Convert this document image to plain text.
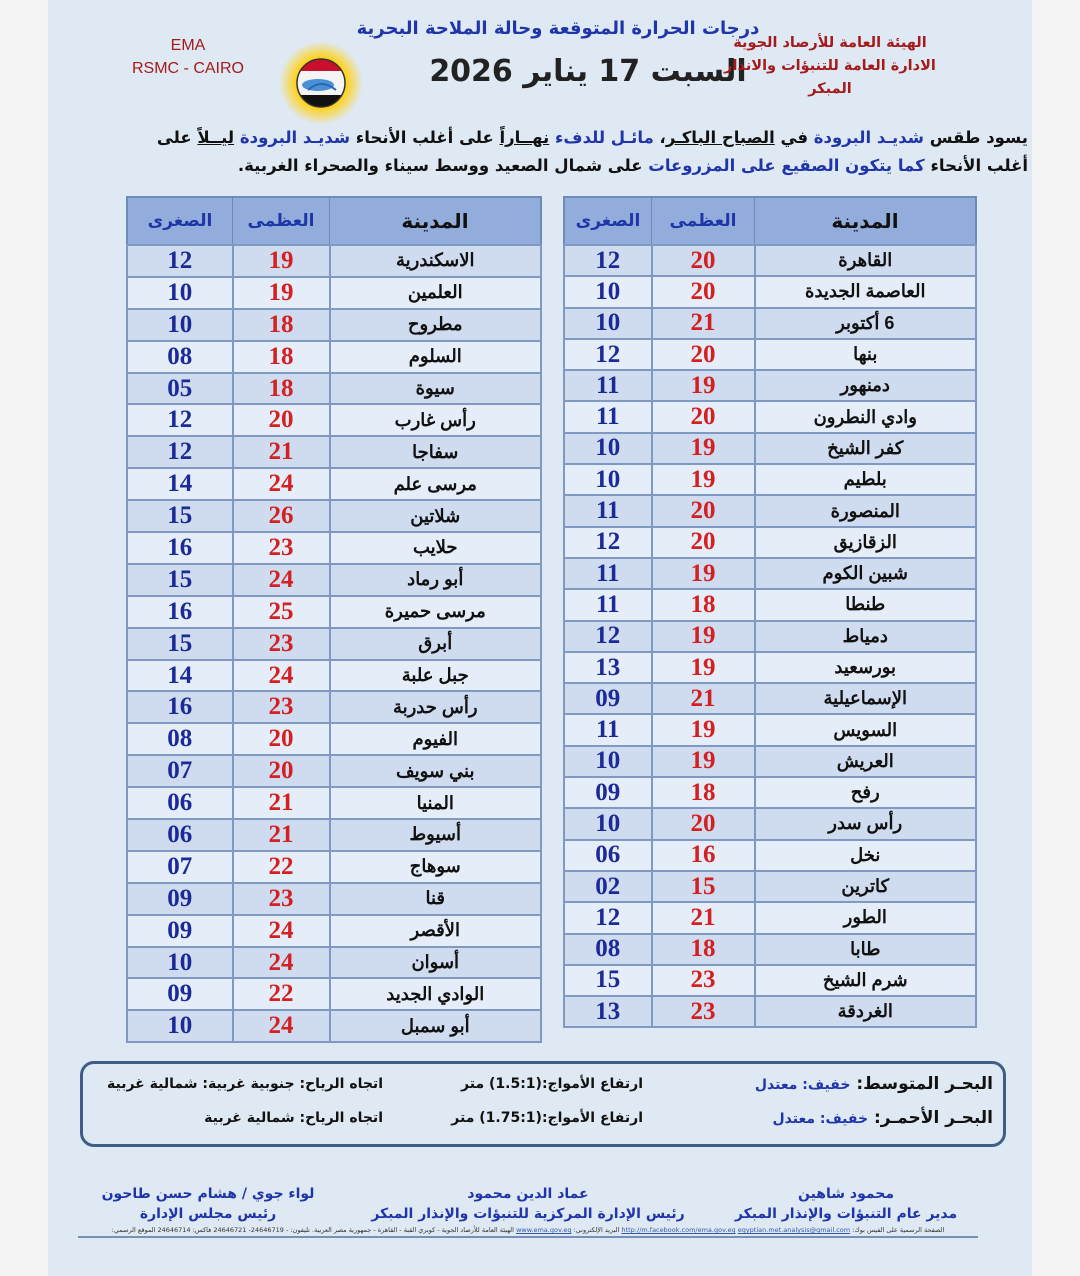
EMA
RSMC - CAIRO
درجات الحرارة المتوقعة وحالة الملاحة البحرية
السبت 17 يناير 2026
الهيئة العامة للأرصاد الجوية
الادارة العامة للتنبؤات والانذار المبكر
يسود طقس شديـد البرودة في الصباح الباكـر، مائـل للدفء نهــاراً على أغلب الأنحاء شديـد البرودة ليــلاً على أغلب الأنحاء كما يتكون الصقيع على المزروعات على شمال الصعيد ووسط سيناء والصحراء الغربية.
المدينة	العظمى	الصغرى
القاهرة	20	12
العاصمة الجديدة	20	10
6 أكتوبر	21	10
بنها	20	12
دمنهور	19	11
وادي النطرون	20	11
كفر الشيخ	19	10
بلطيم	19	10
المنصورة	20	11
الزقازيق	20	12
شبين الكوم	19	11
طنطا	18	11
دمياط	19	12
بورسعيد	19	13
الإسماعيلية	21	09
السويس	19	11
العريش	19	10
رفح	18	09
رأس سدر	20	10
نخل	16	06
كاترين	15	02
الطور	21	12
طابا	18	08
شرم الشيخ	23	15
الغردقة	23	13
المدينة	العظمى	الصغرى
الاسكندرية	19	12
العلمين	19	10
مطروح	18	10
السلوم	18	08
سيوة	18	05
رأس غارب	20	12
سفاجا	21	12
مرسى علم	24	14
شلاتين	26	15
حلايب	23	16
أبو رماد	24	15
مرسى حميرة	25	16
أبرق	23	15
جبل علبة	24	14
رأس حدربة	23	16
الفيوم	20	08
بني سويف	20	07
المنيا	21	06
أسيوط	21	06
سوهاج	22	07
قنا	23	09
الأقصر	24	09
أسوان	24	10
الوادي الجديد	22	09
أبو سمبل	24	10
البحـر المتوسط: خفيف: معتدل
ارتفاع الأمواج:(1.5:1) متر
اتجاه الرياح: جنوبية غربية: شمالية غربية
البحـر الأحمـر: خفيف: معتدل
ارتفاع الأمواج:(1.75:1) متر
اتجاه الرياح: شمالية غربية
محمود شاهين
مدير عام التنبؤات والإنذار المبكر
عماد الدين محمود
رئيس الإدارة المركزية للتنبؤات والإنذار المبكر
لواء جوي / هشام حسن طاحون
رئيس مجلس الإدارة
الصفحة الرسمية على الفيس بوك: http://m.facebook.com/ema.gov.eg egyptian.met.analysis@gmail.com البريد الإلكتروني: www.ema.gov.eg الهيئة العامة للأرصاد الجوية - كوبري القبة - القاهرة - جمهورية مصر العربية. تليفون: - 24646719- 24646721 فاكس: 24646714 الموقع الرسمي:
